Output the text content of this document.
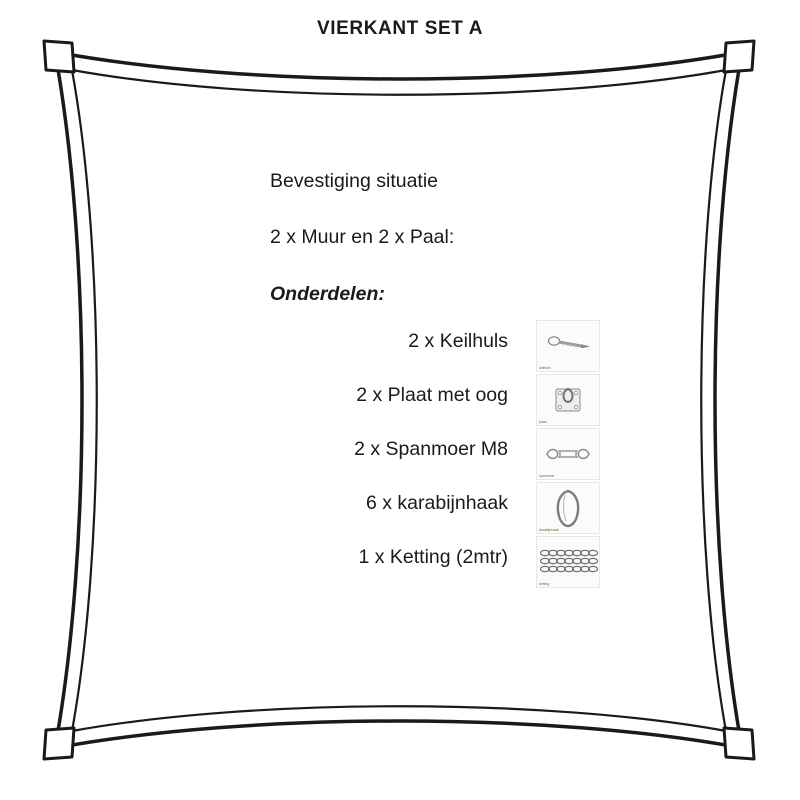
VIERKANT SET A
Bevestiging situatie
2 x Muur en 2 x Paal:
Onderdelen:
2 x Keilhuls
keilhuls
2 x Plaat met oog
plaat
2 x Spanmoer M8
spanmoer
6 x karabijnhaak
karabijnhaak
1 x Ketting (2mtr)
ketting
